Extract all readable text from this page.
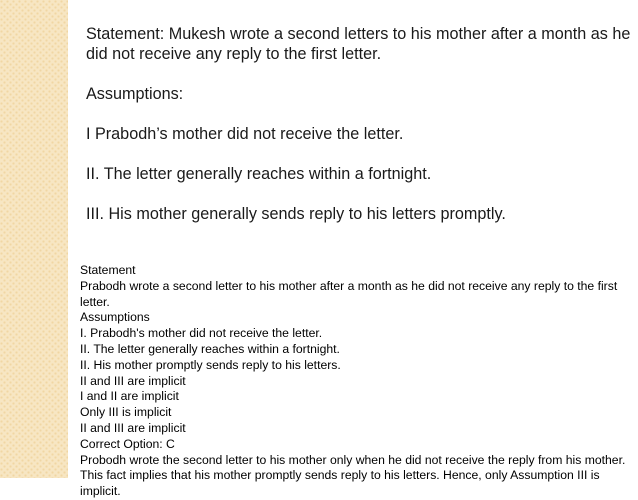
Statement: Mukesh wrote a second letters to his mother after a month as he did not receive any reply to the first letter.

Assumptions:

I Prabodh’s mother did not receive the letter.

II. The letter generally reaches within a fortnight.

III. His mother generally sends reply to his letters promptly.

Statement
Prabodh wrote a second letter to his mother after a month as he did not receive any reply to the first letter.
Assumptions
I. Prabodh's mother did not receive the letter.
II. The letter generally reaches within a fortnight.
II. His mother promptly sends reply to his letters.
II and III are implicit
I and II are implicit
Only III is implicit
II and III are implicit
Correct Option: C
Probodh wrote the second letter to his mother only when he did not receive the reply from his mother. This fact implies that his mother promptly sends reply to his letters. Hence, only Assumption III is implicit.
